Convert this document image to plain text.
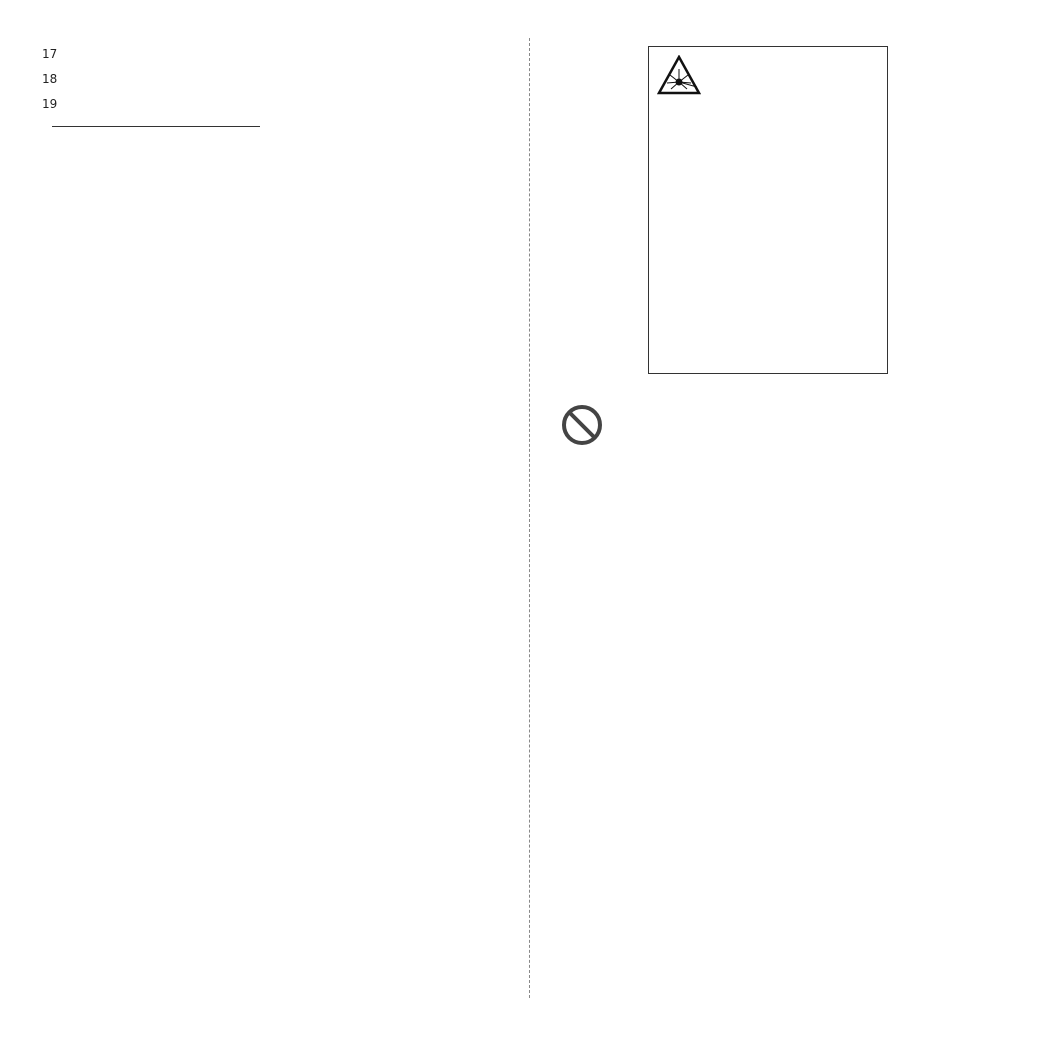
17
18
19
